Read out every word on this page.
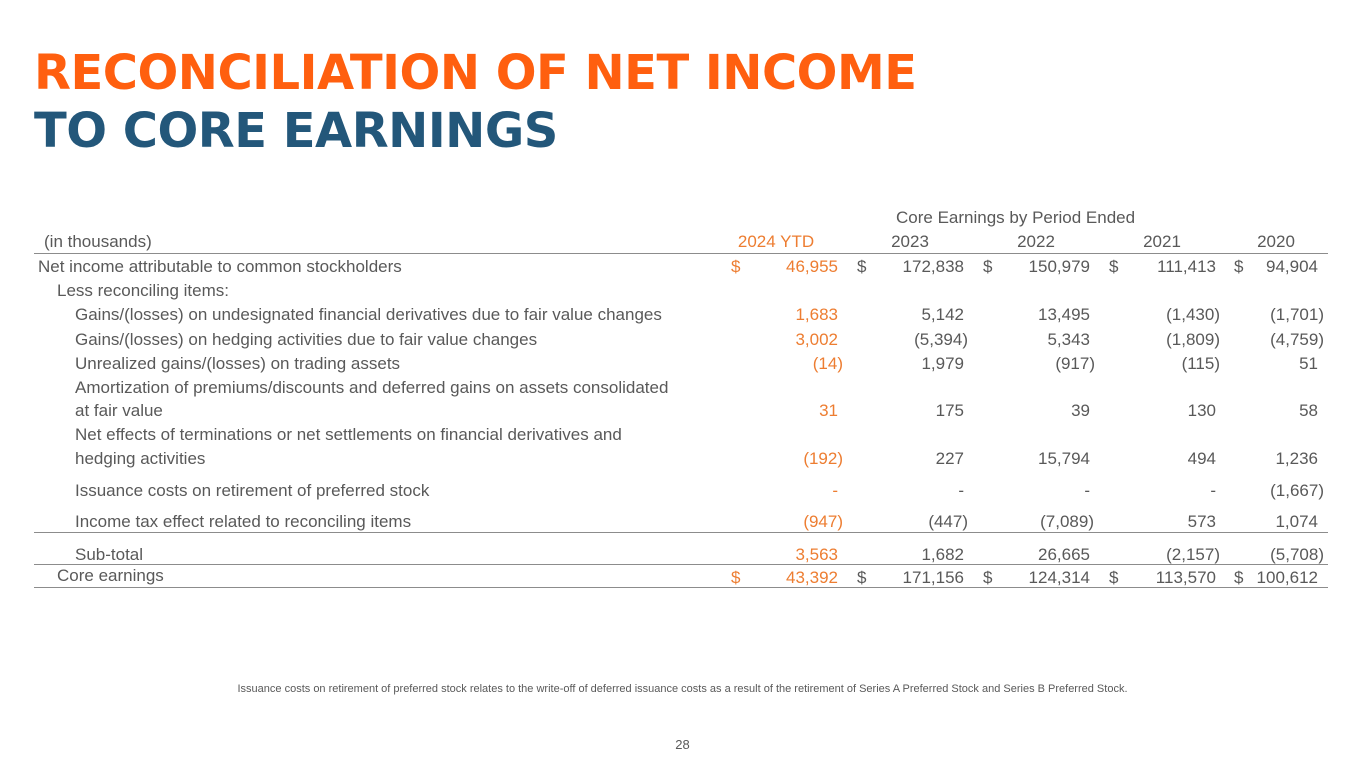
RECONCILIATION OF NET INCOME
TO CORE EARNINGS
Core Earnings by Period Ended
(in thousands)	2024 YTD	2023	2022	2021	2020
Net income attributable to common stockholders	$	46,955 $	172,838 $	150,979 $	111,413 $	94,904
Less reconciling items:
Gains/(losses) on undesignated financial derivatives due to fair value changes	1,683	5,142	13,495	(1,430)	(1,701)
Gains/(losses) on hedging activities due to fair value changes	3,002	(5,394)	5,343	(1,809)	(4,759)
Unrealized gains/(losses) on trading assets	(14)	1,979	(917)	(115)	51
Amortization of premiums/discounts and deferred gains on assets consolidated
at fair value	31	175	39	130	58
Net effects of terminations or net settlements on financial derivatives and
hedging activities	(192)	227	15,794	494	1,236
Issuance costs on retirement of preferred stock	-	-	-	-	(1,667)
Income tax effect related to reconciling items	(947)	(447)	(7,089)	573	1,074
Sub-total	3,563	1,682	26,665	(2,157)	(5,708)
Core earnings	$	43,392 $	171,156 $	124,314 $	113,570 $ 100,612
Issuance costs on retirement of preferred stock relates to the write-off of deferred issuance costs as a result of the retirement of Series A Preferred Stock and Series B Preferred Stock.
28
